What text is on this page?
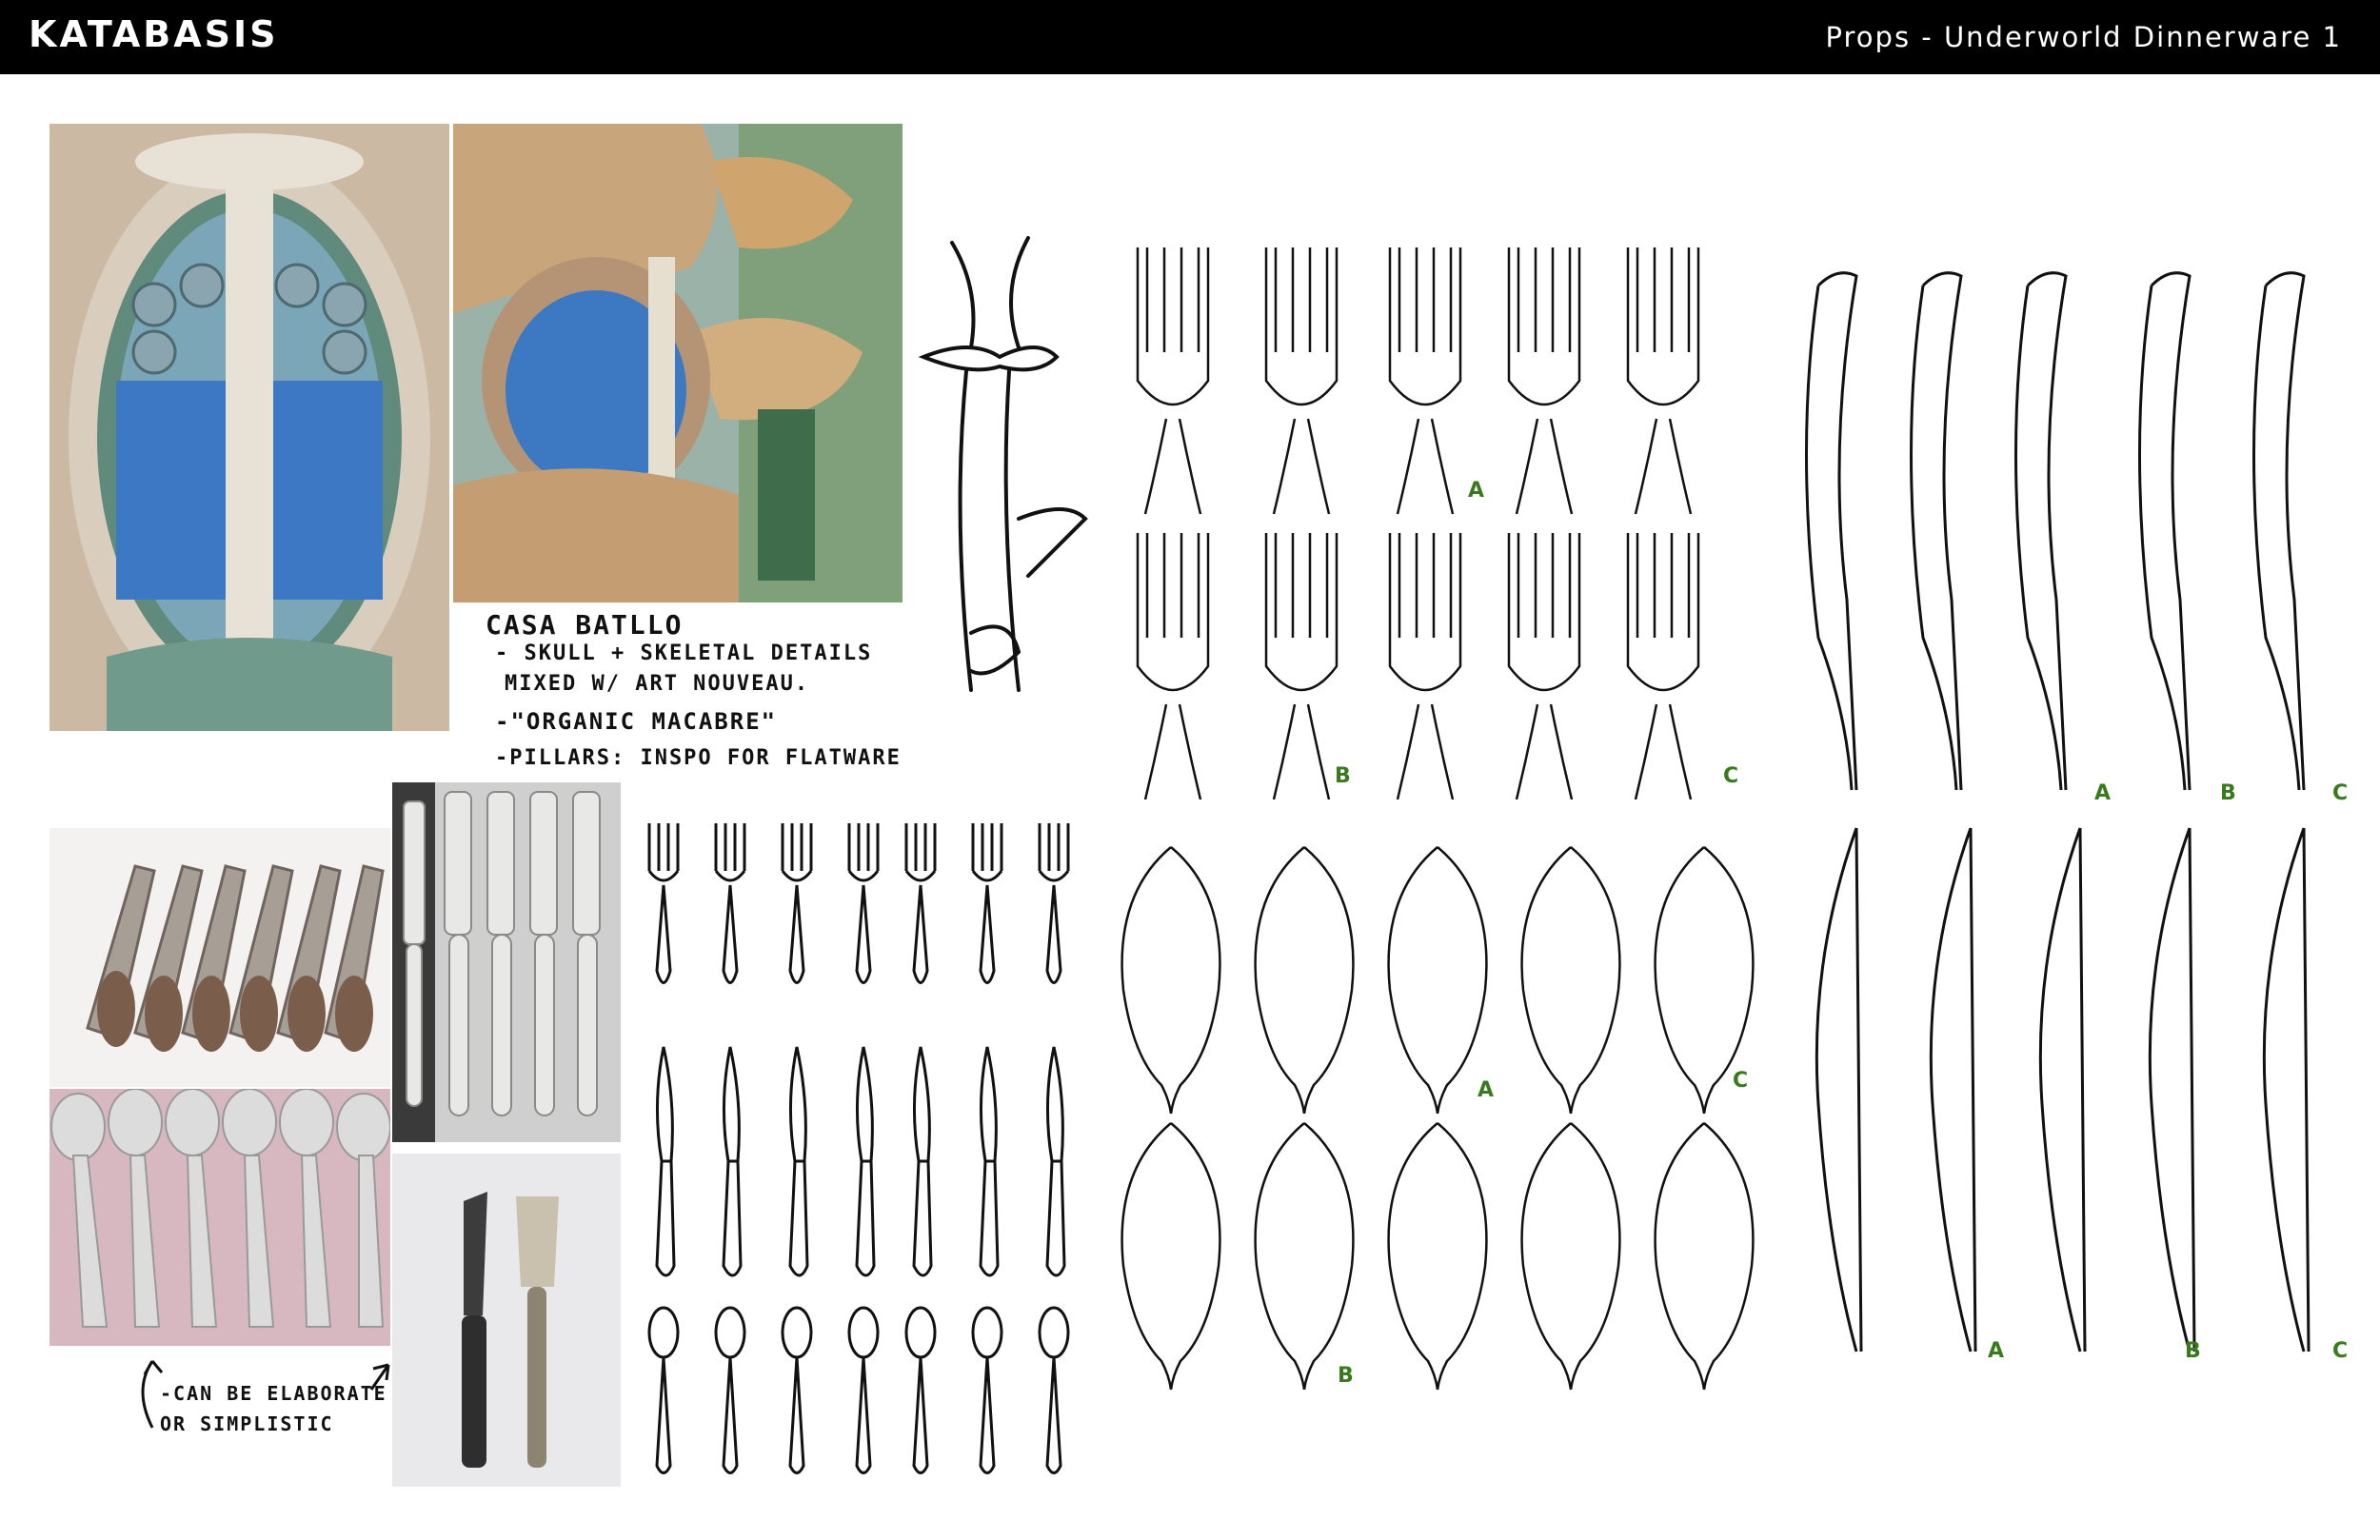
KATABASIS	Props - Underworld Dinnerware 1
CASA BATLLO
- SKULL + SKELETAL DETAILS
MIXED W/ ART NOUVEAU.
-"ORGANIC MACABRE"
-PILLARS: INSPO FOR FLATWARE
-CAN BE ELABORATE
OR SIMPLISTIC
A
B	C
A	B	C
A	C
B
A	B	C
